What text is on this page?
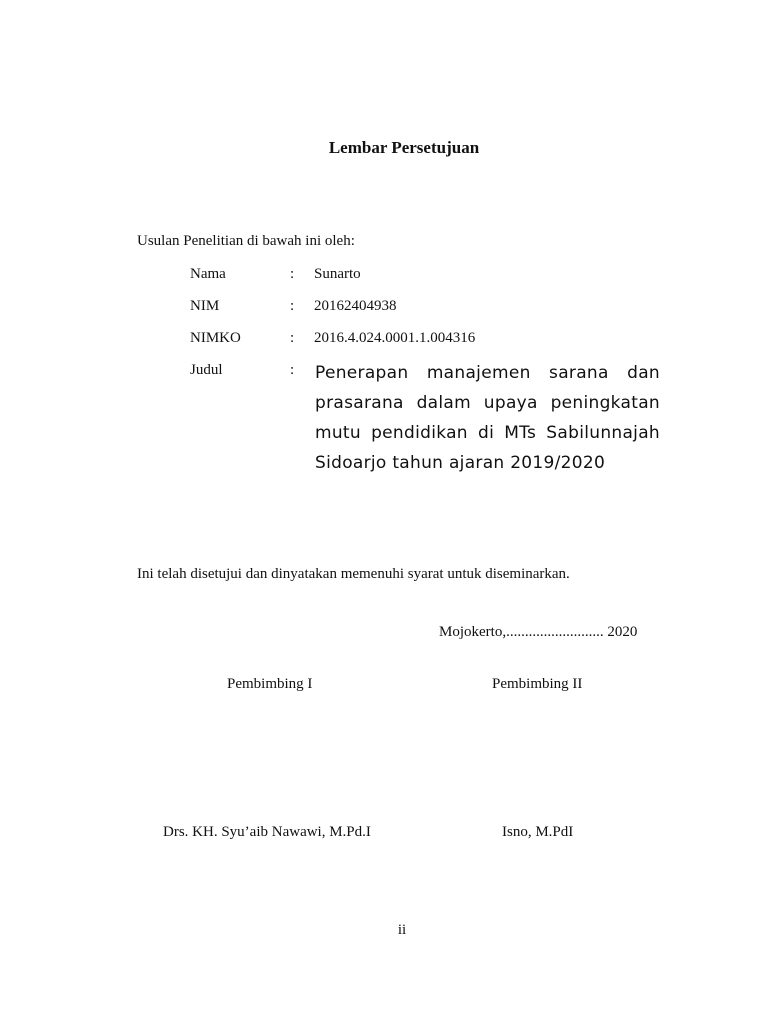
Lembar Persetujuan
Usulan Penelitian di bawah ini oleh:
Nama	: Sunarto
NIM	: 20162404938
NIMKO	: 2016.4.024.0001.1.004316
Judul	: Penerapan manajemen sarana dan prasarana dalam upaya peningkatan mutu pendidikan di MTs Sabilunnajah Sidoarjo tahun ajaran 2019/2020
Ini telah disetujui dan dinyatakan memenuhi syarat untuk diseminarkan.
Mojokerto,.......................... 2020
Pembimbing I	Pembimbing II
Drs. KH. Syu’aib Nawawi, M.Pd.I	Isno, M.PdI
ii
